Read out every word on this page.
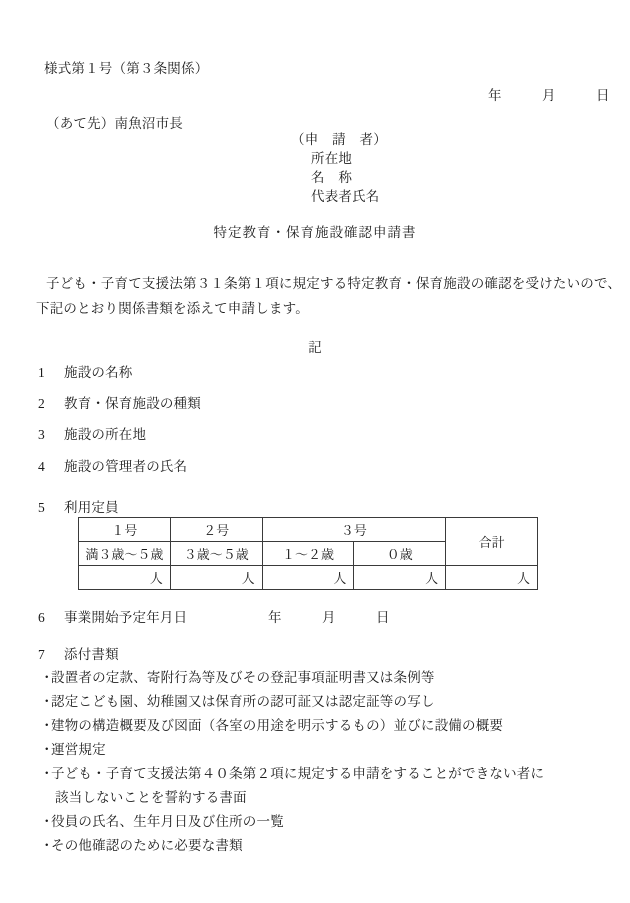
様式第１号（第３条関係）
年　　　月　　　日
（あて先）南魚沼市長
（申　請　者）
所在地
名　称
代表者氏名
特定教育・保育施設確認申請書
子ども・子育て支援法第３１条第１項に規定する特定教育・保育施設の確認を受けたいので、
下記のとおり関係書類を添えて申請します。
記
1 施設の名称
2 教育・保育施設の種類
3 施設の所在地
4 施設の管理者の氏名
5 利用定員
１号	２号	３号		合計
満３歳～５歳	３歳～５歳	１～２歳	０歳	
人	人	人	人	人
6 事業開始予定年月日	年　　　月　　　日
7 添付書類
・設置者の定款、寄附行為等及びその登記事項証明書又は条例等
・認定こども園、幼稚園又は保育所の認可証又は認定証等の写し
・建物の構造概要及び図面（各室の用途を明示するもの）並びに設備の概要
・運営規定
・子ども・子育て支援法第４０条第２項に規定する申請をすることができない者に
該当しないことを誓約する書面
・役員の氏名、生年月日及び住所の一覧
・その他確認のために必要な書類
